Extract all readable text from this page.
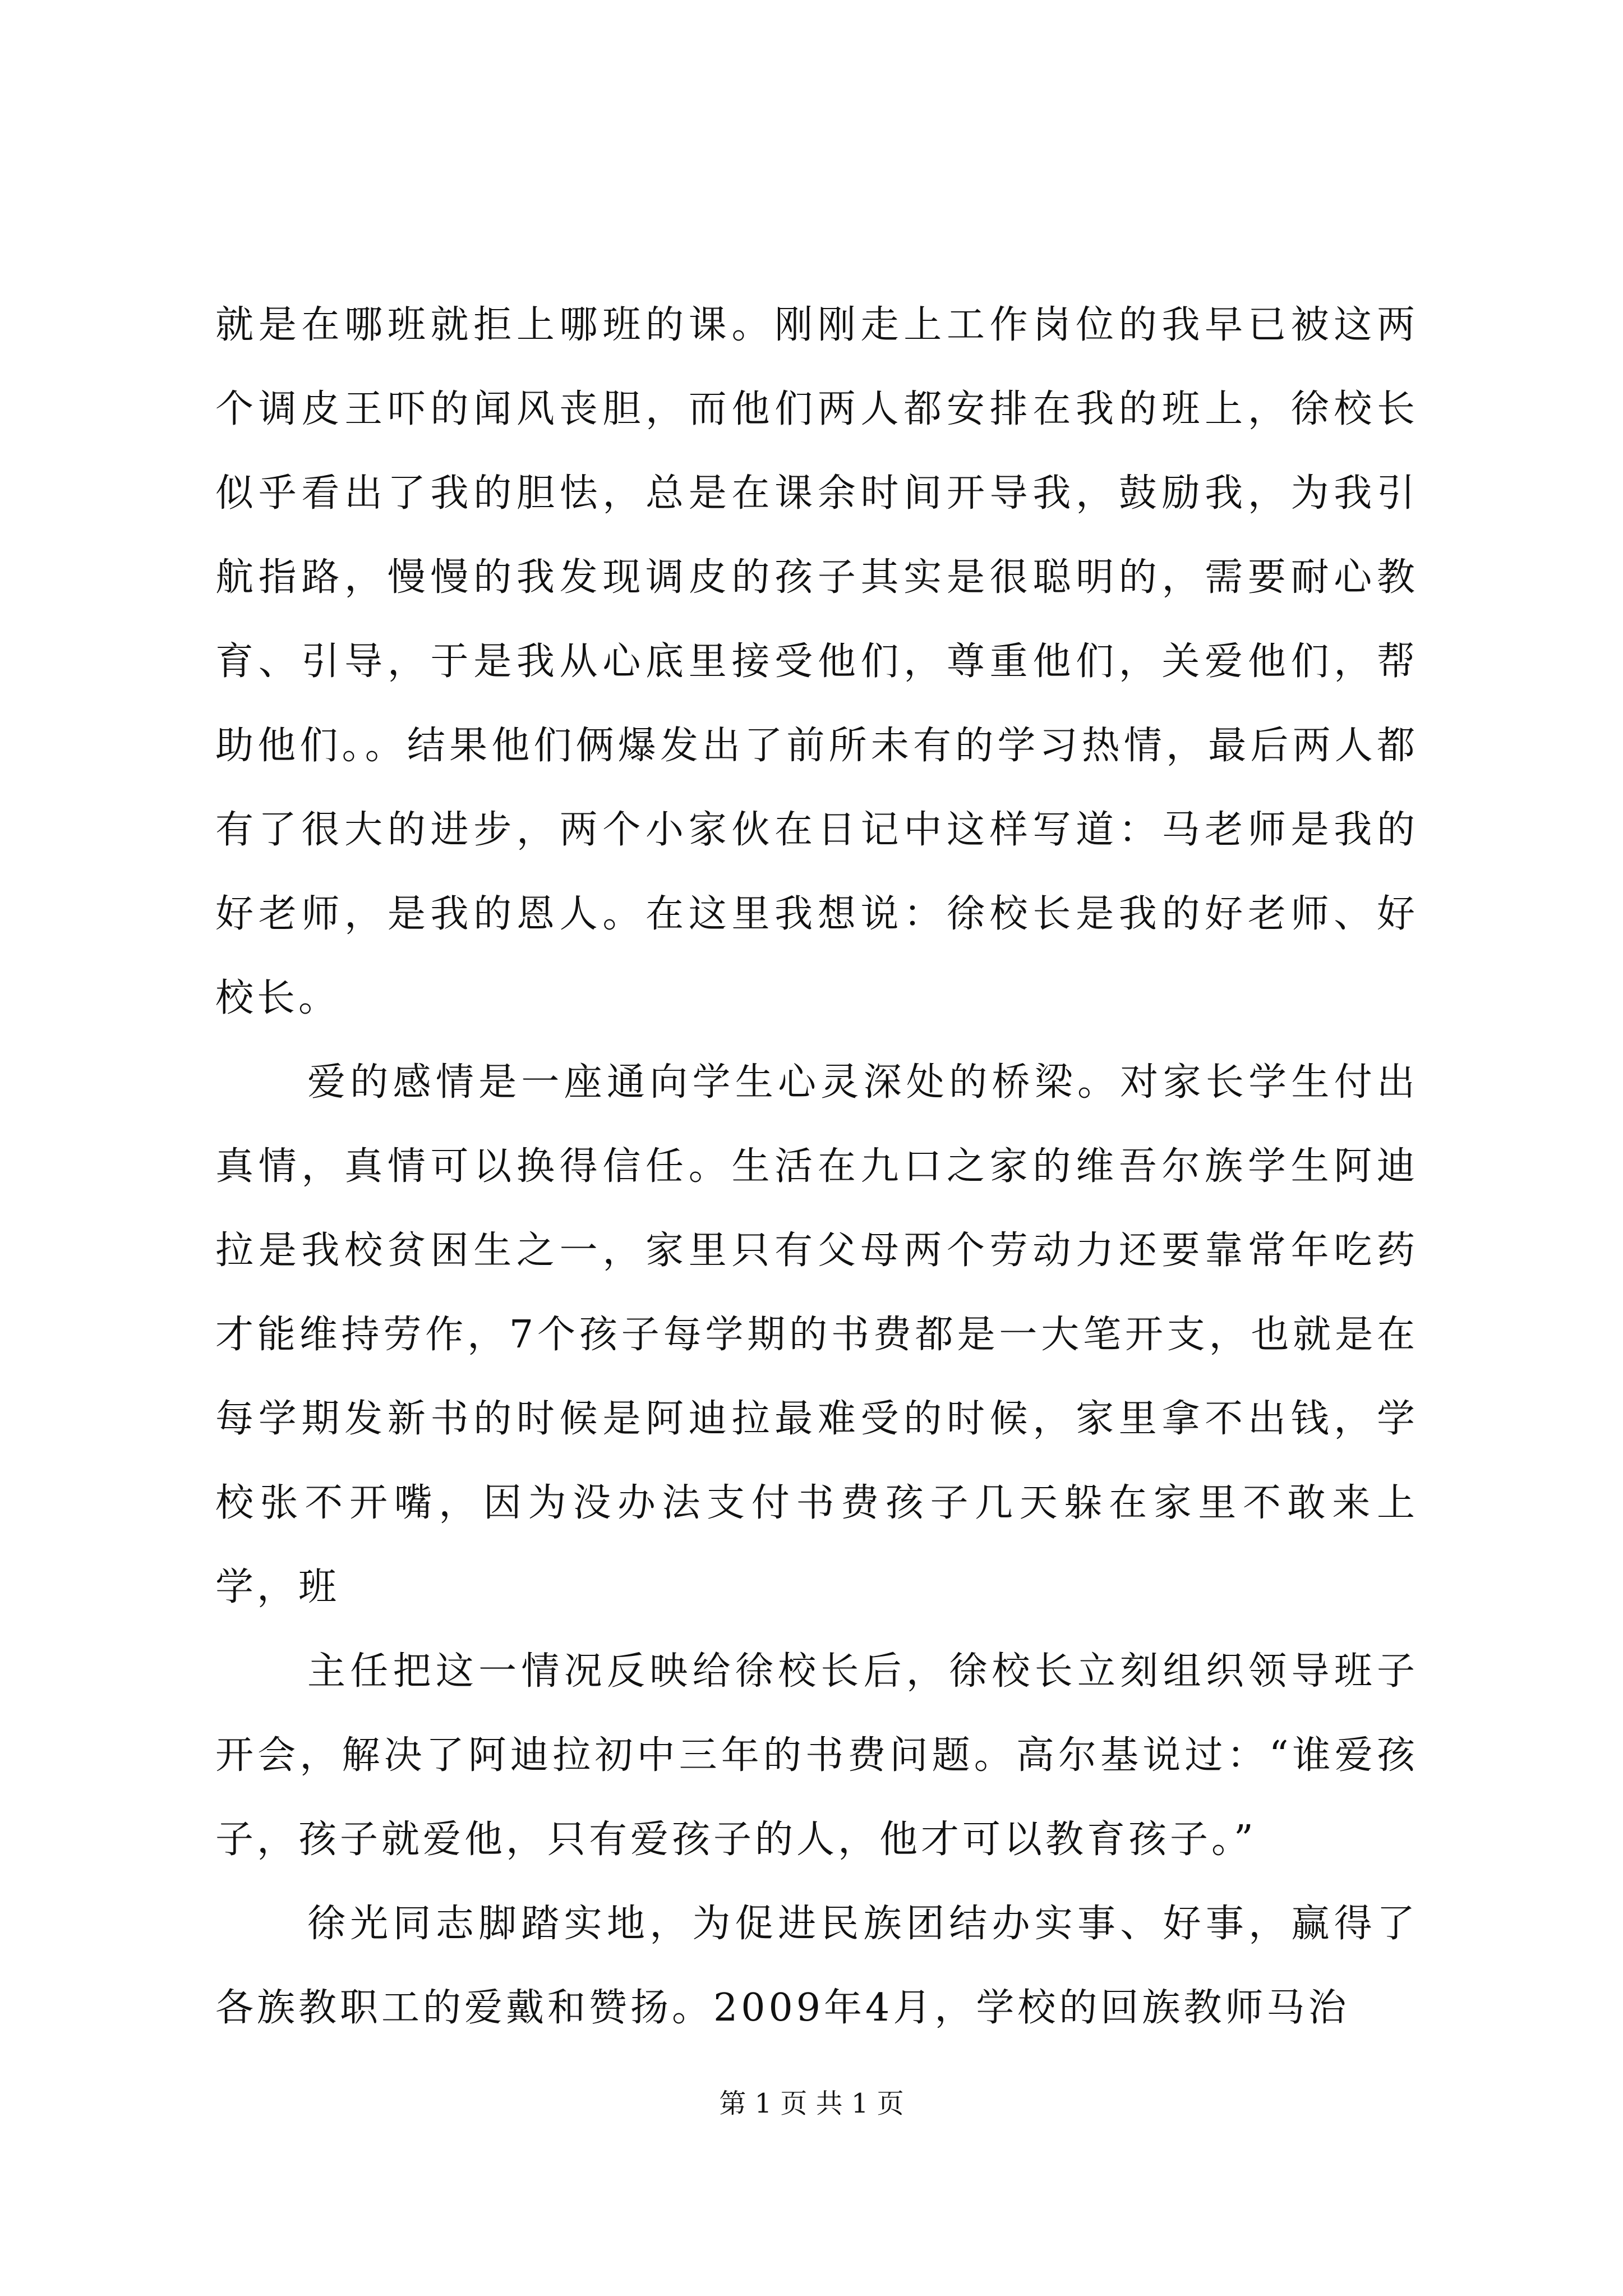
就是在哪班就拒上哪班的课。刚刚走上工作岗位的我早已被这两个调皮王吓的闻风丧胆，而他们两人都安排在我的班上，徐校长似乎看出了我的胆怯，总是在课余时间开导我，鼓励我，为我引航指路，慢慢的我发现调皮的孩子其实是很聪明的，需要耐心教育、引导，于是我从心底里接受他们，尊重他们，关爱他们，帮助他们。。结果他们俩爆发出了前所未有的学习热情，最后两人都有了很大的进步，两个小家伙在日记中这样写道：马老师是我的好老师，是我的恩人。在这里我想说：徐校长是我的好老师、好校长。

爱的感情是一座通向学生心灵深处的桥梁。对家长学生付出真情，真情可以换得信任。生活在九口之家的维吾尔族学生阿迪拉是我校贫困生之一，家里只有父母两个劳动力还要靠常年吃药才能维持劳作，7个孩子每学期的书费都是一大笔开支，也就是在每学期发新书的时候是阿迪拉最难受的时候，家里拿不出钱，学校张不开嘴，因为没办法支付书费孩子几天躲在家里不敢来上学，班

主任把这一情况反映给徐校长后，徐校长立刻组织领导班子开会，解决了阿迪拉初中三年的书费问题。高尔基说过：“谁爱孩子，孩子就爱他，只有爱孩子的人，他才可以教育孩子。”

徐光同志脚踏实地，为促进民族团结办实事、好事，赢得了各族教职工的爱戴和赞扬。2009年4月，学校的回族教师马治

第 1 页 共 1 页
